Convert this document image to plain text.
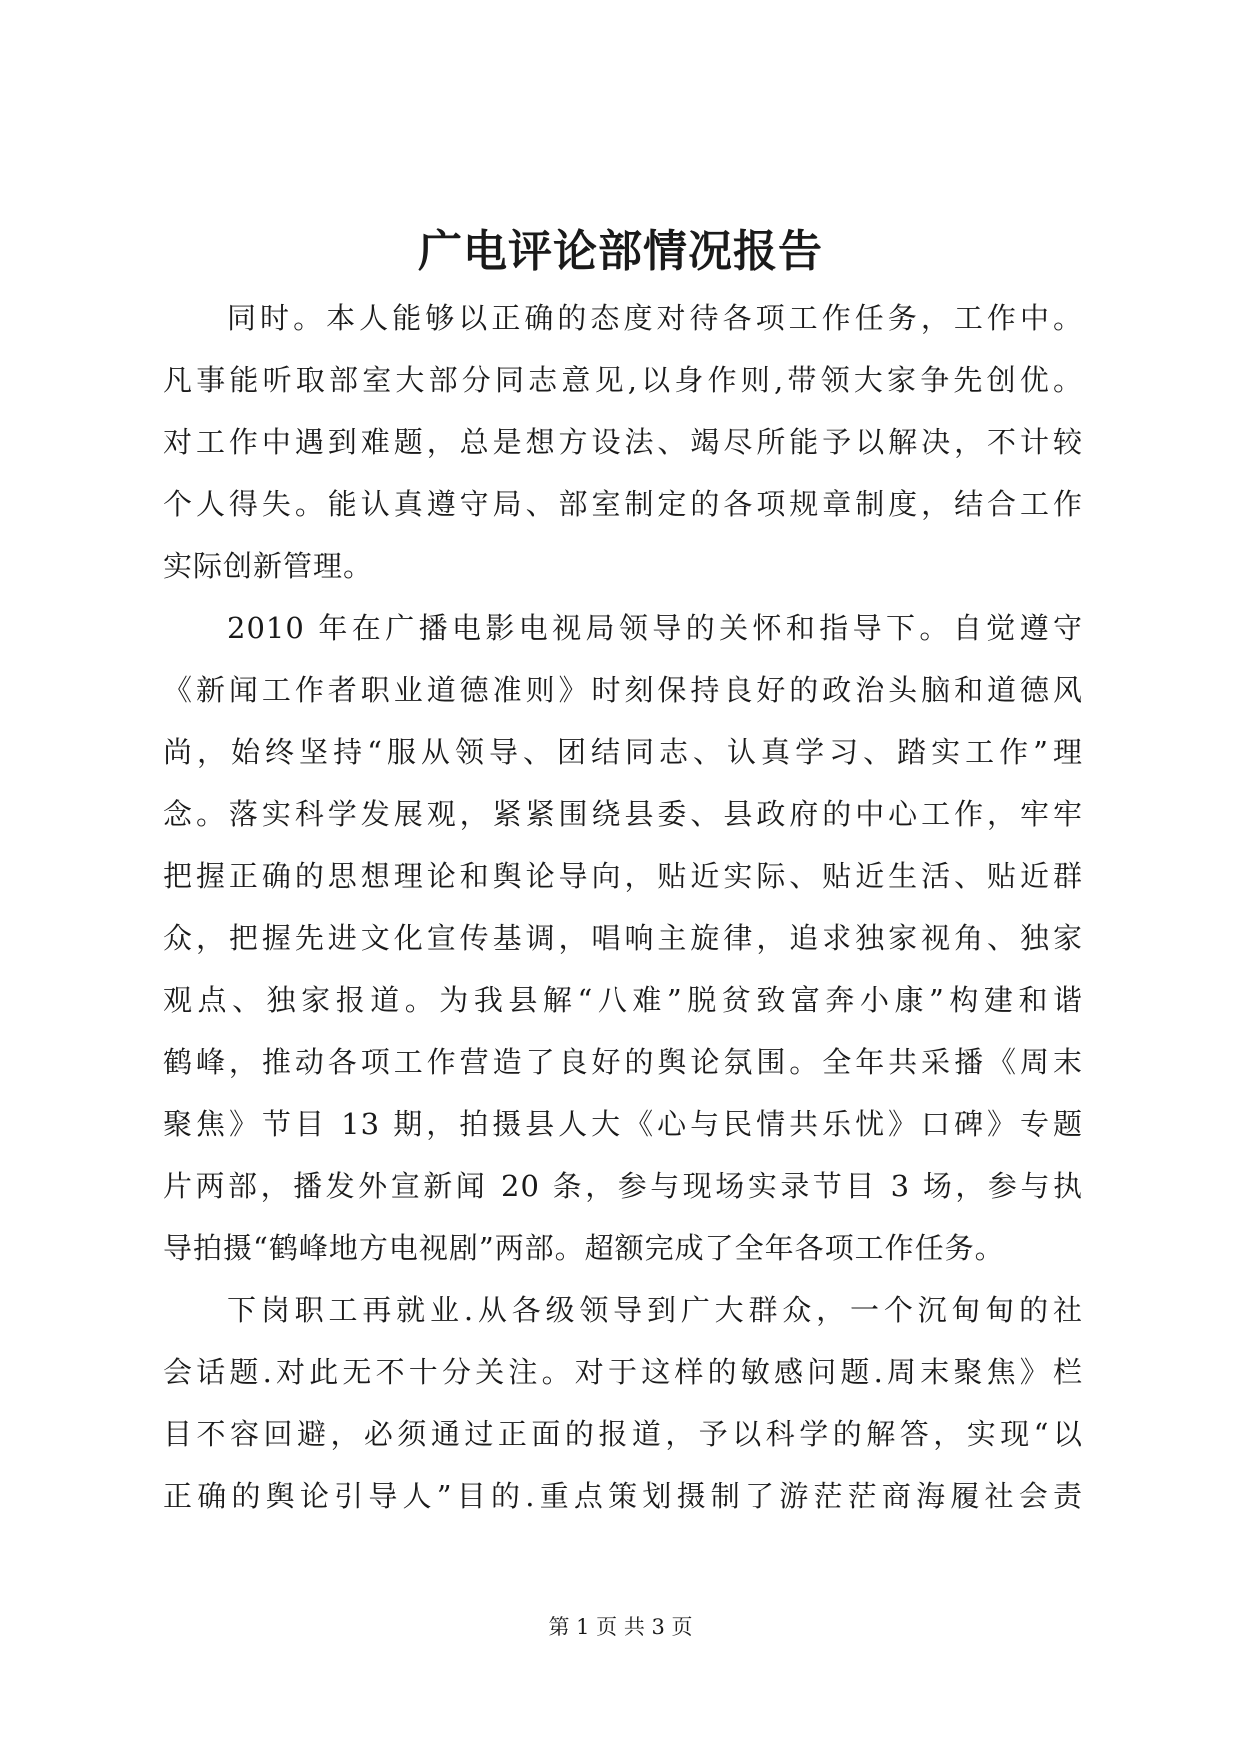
广电评论部情况报告
同时。本人能够以正确的态度对待各项工作任务，工作中。
凡事能听取部室大部分同志意见,以身作则,带领大家争先创优。
对工作中遇到难题，总是想方设法、竭尽所能予以解决，不计较
个人得失。能认真遵守局、部室制定的各项规章制度，结合工作
实际创新管理。
2010 年在广播电影电视局领导的关怀和指导下。自觉遵守
《新闻工作者职业道德准则》时刻保持良好的政治头脑和道德风
尚，始终坚持“服从领导、团结同志、认真学习、踏实工作”理
念。落实科学发展观，紧紧围绕县委、县政府的中心工作，牢牢
把握正确的思想理论和舆论导向，贴近实际、贴近生活、贴近群
众，把握先进文化宣传基调，唱响主旋律，追求独家视角、独家
观点、独家报道。为我县解“八难”脱贫致富奔小康”构建和谐
鹤峰，推动各项工作营造了良好的舆论氛围。全年共采播《周末
聚焦》节目 13 期，拍摄县人大《心与民情共乐忧》口碑》专题
片两部，播发外宣新闻 20 条，参与现场实录节目 3 场，参与执
导拍摄“鹤峰地方电视剧”两部。超额完成了全年各项工作任务。
下岗职工再就业.从各级领导到广大群众，一个沉甸甸的社
会话题.对此无不十分关注。对于这样的敏感问题.周末聚焦》栏
目不容回避，必须通过正面的报道，予以科学的解答，实现“以
正确的舆论引导人”目的.重点策划摄制了游茫茫商海履社会责
第 1 页 共 3 页
